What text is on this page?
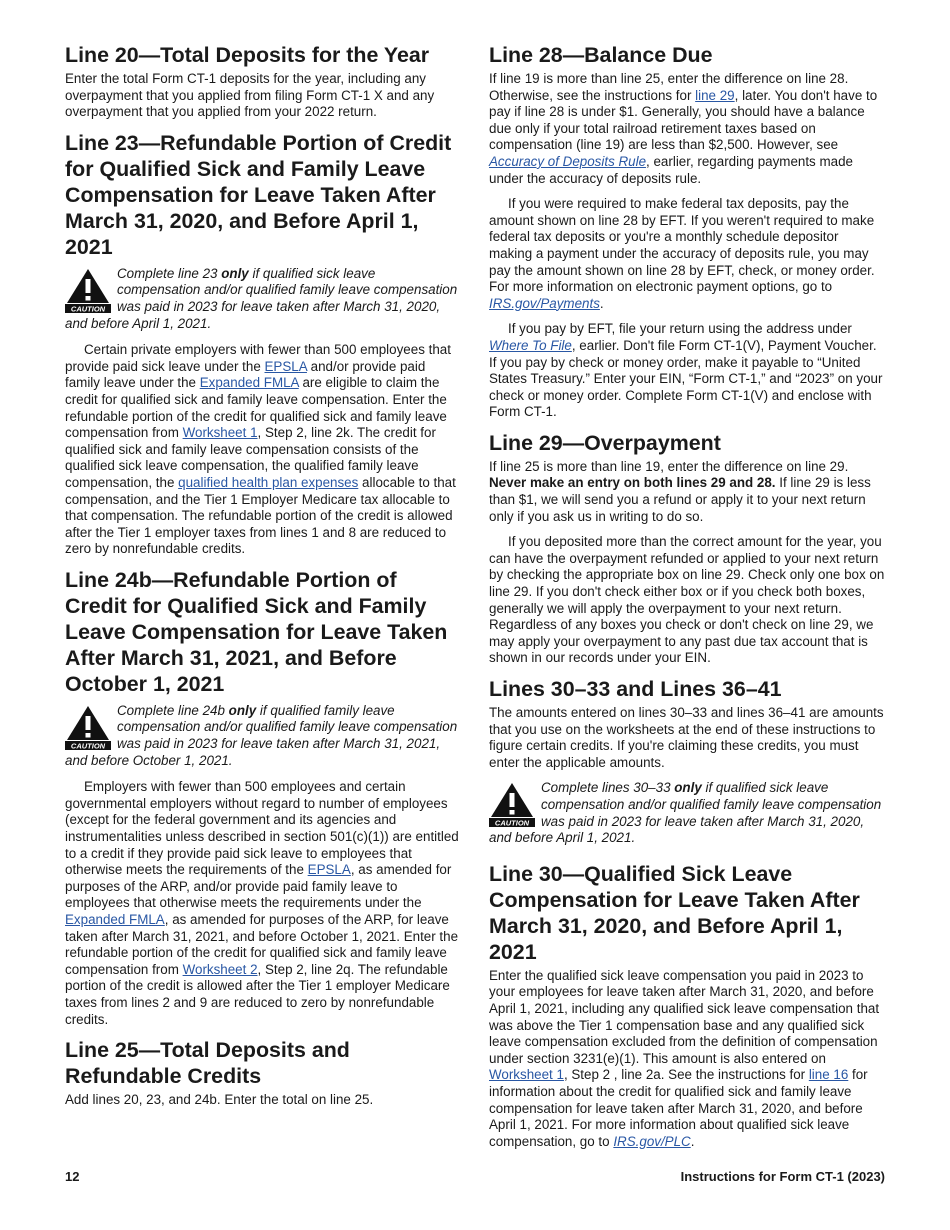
Line 20—Total Deposits for the Year

Enter the total Form CT-1 deposits for the year, including any overpayment that you applied from filing Form CT-1 X and any overpayment that you applied from your 2022 return.

Line 23—Refundable Portion of Credit for Qualified Sick and Family Leave Compensation for Leave Taken After March 31, 2020, and Before April 1, 2021
CAUTION
Complete line 23 only if qualified sick leave compensation and/or qualified family leave compensation was paid in 2023 for leave taken after March 31, 2020, and before April 1, 2021.

Certain private employers with fewer than 500 employees that provide paid sick leave under the EPSLA and/or provide paid family leave under the Expanded FMLA are eligible to claim the credit for qualified sick and family leave compensation. Enter the refundable portion of the credit for qualified sick and family leave compensation from Worksheet 1, Step 2, line 2k. The credit for qualified sick and family leave compensation consists of the qualified sick leave compensation, the qualified family leave compensation, the qualified health plan expenses allocable to that compensation, and the Tier 1 Employer Medicare tax allocable to that compensation. The refundable portion of the credit is allowed after the Tier 1 employer taxes from lines 1 and 8 are reduced to zero by nonrefundable credits.

Line 24b—Refundable Portion of Credit for Qualified Sick and Family Leave Compensation for Leave Taken After March 31, 2021, and Before October 1, 2021
CAUTION
Complete line 24b only if qualified family leave compensation and/or qualified family leave compensation was paid in 2023 for leave taken after March 31, 2021, and before October 1, 2021.

Employers with fewer than 500 employees and certain governmental employers without regard to number of employees (except for the federal government and its agencies and instrumentalities unless described in section 501(c)(1)) are entitled to a credit if they provide paid sick leave to employees that otherwise meets the requirements of the EPSLA, as amended for purposes of the ARP, and/or provide paid family leave to employees that otherwise meets the requirements under the Expanded FMLA, as amended for purposes of the ARP, for leave taken after March 31, 2021, and before October 1, 2021. Enter the refundable portion of the credit for qualified sick and family leave compensation from Worksheet 2, Step 2, line 2q. The refundable portion of the credit is allowed after the Tier 1 employer Medicare taxes from lines 2 and 9 are reduced to zero by nonrefundable credits.

Line 25—Total Deposits and Refundable Credits

Add lines 20, 23, and 24b. Enter the total on line 25.

Line 28—Balance Due

If line 19 is more than line 25, enter the difference on line 28. Otherwise, see the instructions for line 29, later. You don't have to pay if line 28 is under $1. Generally, you should have a balance due only if your total railroad retirement taxes based on compensation (line 19) are less than $2,500. However, see Accuracy of Deposits Rule, earlier, regarding payments made under the accuracy of deposits rule.

If you were required to make federal tax deposits, pay the amount shown on line 28 by EFT. If you weren't required to make federal tax deposits or you're a monthly schedule depositor making a payment under the accuracy of deposits rule, you may pay the amount shown on line 28 by EFT, check, or money order. For more information on electronic payment options, go to IRS.gov/Payments.

If you pay by EFT, file your return using the address under Where To File, earlier. Don't file Form CT-1(V), Payment Voucher. If you pay by check or money order, make it payable to “United States Treasury.” Enter your EIN, “Form CT-1,” and “2023” on your check or money order. Complete Form CT-1(V) and enclose with Form CT-1.

Line 29—Overpayment

If line 25 is more than line 19, enter the difference on line 29. Never make an entry on both lines 29 and 28. If line 29 is less than $1, we will send you a refund or apply it to your next return only if you ask us in writing to do so.

If you deposited more than the correct amount for the year, you can have the overpayment refunded or applied to your next return by checking the appropriate box on line 29. Check only one box on line 29. If you don't check either box or if you check both boxes, generally we will apply the overpayment to your next return. Regardless of any boxes you check or don't check on line 29, we may apply your overpayment to any past due tax account that is shown in our records under your EIN.

Lines 30–33 and Lines 36–41

The amounts entered on lines 30–33 and lines 36–41 are amounts that you use on the worksheets at the end of these instructions to figure certain credits. If you're claiming these credits, you must enter the applicable amounts.

CAUTION
Complete lines 30–33 only if qualified sick leave compensation and/or qualified family leave compensation was paid in 2023 for leave taken after March 31, 2020, and before April 1, 2021.
Line 30—Qualified Sick Leave Compensation for Leave Taken After March 31, 2020, and Before April 1, 2021

Enter the qualified sick leave compensation you paid in 2023 to your employees for leave taken after March 31, 2020, and before April 1, 2021, including any qualified sick leave compensation that was above the Tier 1 compensation base and any qualified sick leave compensation excluded from the definition of compensation under section 3231(e)(1). This amount is also entered on Worksheet 1, Step 2 , line 2a. See the instructions for line 16 for information about the credit for qualified sick and family leave compensation for leave taken after March 31, 2020, and before April 1, 2021. For more information about qualified sick leave compensation, go to IRS.gov/PLC.

12	Instructions for Form CT-1 (2023)
